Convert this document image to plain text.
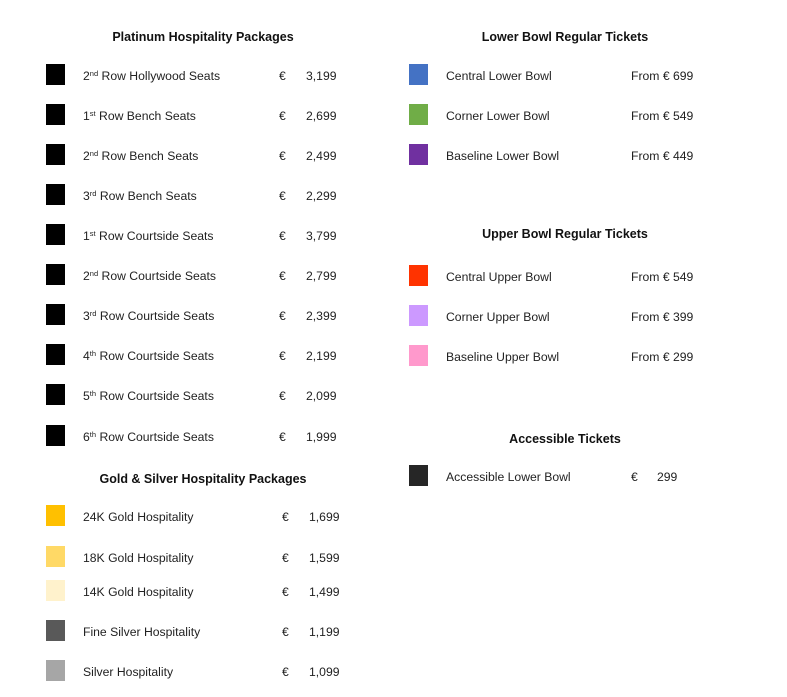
Platinum Hospitality Packages
2nd Row Hollywood Seats	€ 3,199
1st Row Bench Seats	€ 2,699
2nd Row Bench Seats	€ 2,499
3rd Row Bench Seats	€ 2,299
1st Row Courtside Seats	€ 3,799
2nd Row Courtside Seats	€ 2,799
3rd Row Courtside Seats	€ 2,399
4th Row Courtside Seats	€ 2,199
5th Row Courtside Seats	€ 2,099
6th Row Courtside Seats	€ 1,999
Gold & Silver Hospitality Packages
24K Gold Hospitality	€ 1,699
18K Gold Hospitality	€ 1,599
14K Gold Hospitality	€ 1,499
Fine Silver Hospitality	€ 1,199
Silver Hospitality	€ 1,099
Lower Bowl Regular Tickets
Central Lower Bowl	From € 699
Corner Lower Bowl	From € 549
Baseline Lower Bowl	From € 449
Upper Bowl Regular Tickets
Central Upper Bowl	From € 549
Corner Upper Bowl	From € 399
Baseline Upper Bowl	From € 299
Accessible Tickets
Accessible Lower Bowl	€ 299
